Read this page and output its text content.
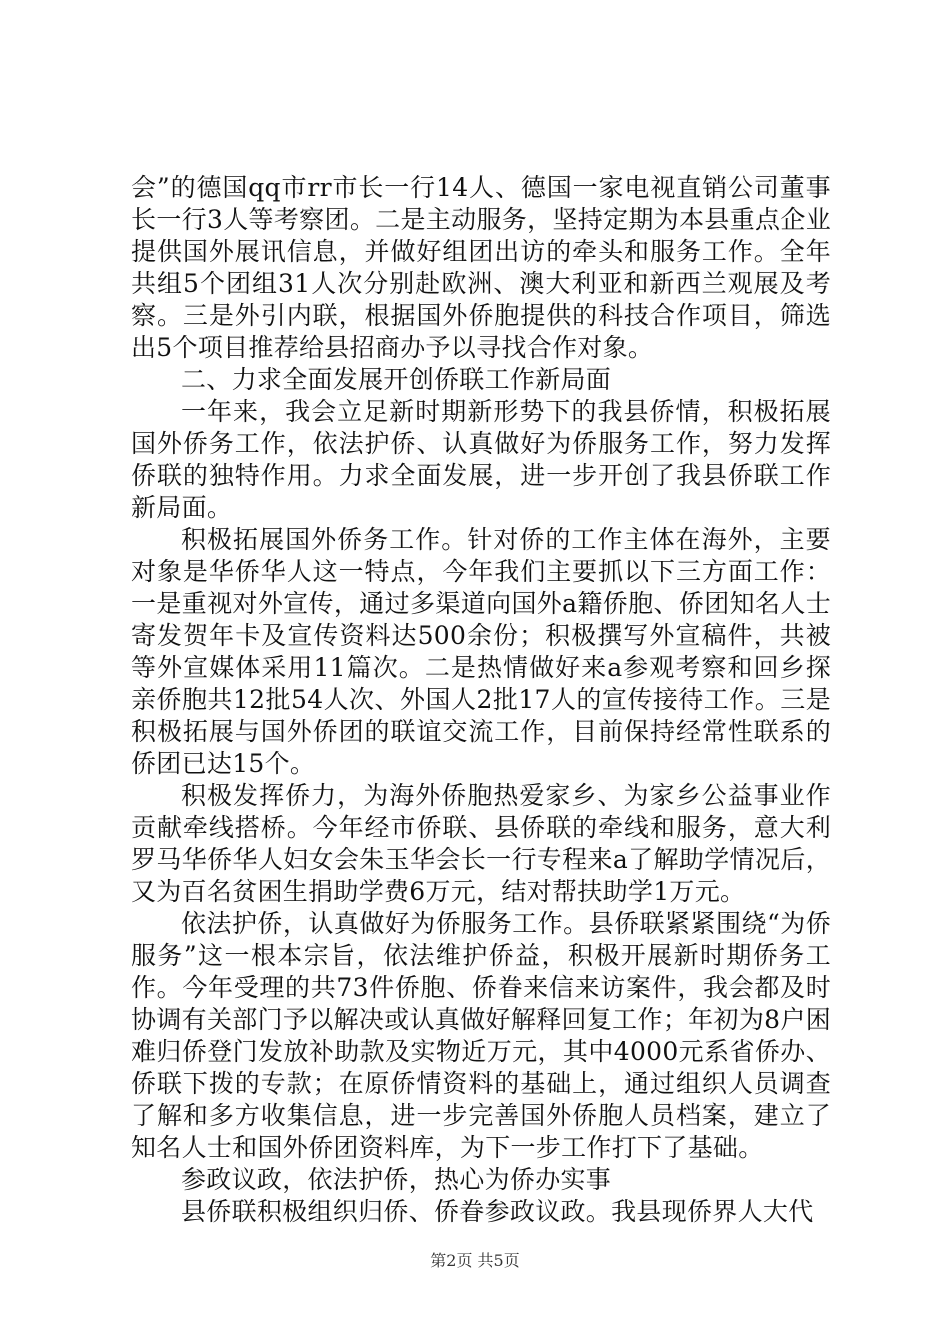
会”的德国qq市rr市长一行14人、德国一家电视直销公司董事长一行3人等考察团。二是主动服务，坚持定期为本县重点企业提供国外展讯信息，并做好组团出访的牵头和服务工作。全年共组5个团组31人次分别赴欧洲、澳大利亚和新西兰观展及考察。三是外引内联，根据国外侨胞提供的科技合作项目，筛选出5个项目推荐给县招商办予以寻找合作对象。

二、力求全面发展开创侨联工作新局面

一年来，我会立足新时期新形势下的我县侨情，积极拓展国外侨务工作，依法护侨、认真做好为侨服务工作，努力发挥侨联的独特作用。力求全面发展，进一步开创了我县侨联工作新局面。

积极拓展国外侨务工作。针对侨的工作主体在海外，主要对象是华侨华人这一特点，今年我们主要抓以下三方面工作：一是重视对外宣传，通过多渠道向国外a籍侨胞、侨团知名人士寄发贺年卡及宣传资料达500余份；积极撰写外宣稿件，共被等外宣媒体采用11篇次。二是热情做好来a参观考察和回乡探亲侨胞共12批54人次、外国人2批17人的宣传接待工作。三是积极拓展与国外侨团的联谊交流工作，目前保持经常性联系的侨团已达15个。

积极发挥侨力，为海外侨胞热爱家乡、为家乡公益事业作贡献牵线搭桥。今年经市侨联、县侨联的牵线和服务，意大利罗马华侨华人妇女会朱玉华会长一行专程来a了解助学情况后，又为百名贫困生捐助学费6万元，结对帮扶助学1万元。

依法护侨，认真做好为侨服务工作。县侨联紧紧围绕“为侨服务”这一根本宗旨，依法维护侨益，积极开展新时期侨务工作。今年受理的共73件侨胞、侨眷来信来访案件，我会都及时协调有关部门予以解决或认真做好解释回复工作；年初为8户困难归侨登门发放补助款及实物近万元，其中4000元系省侨办、侨联下拨的专款；在原侨情资料的基础上，通过组织人员调查了解和多方收集信息，进一步完善国外侨胞人员档案，建立了知名人士和国外侨团资料库，为下一步工作打下了基础。

参政议政，依法护侨，热心为侨办实事

县侨联积极组织归侨、侨眷参政议政。我县现侨界人大代

第2页 共5页
